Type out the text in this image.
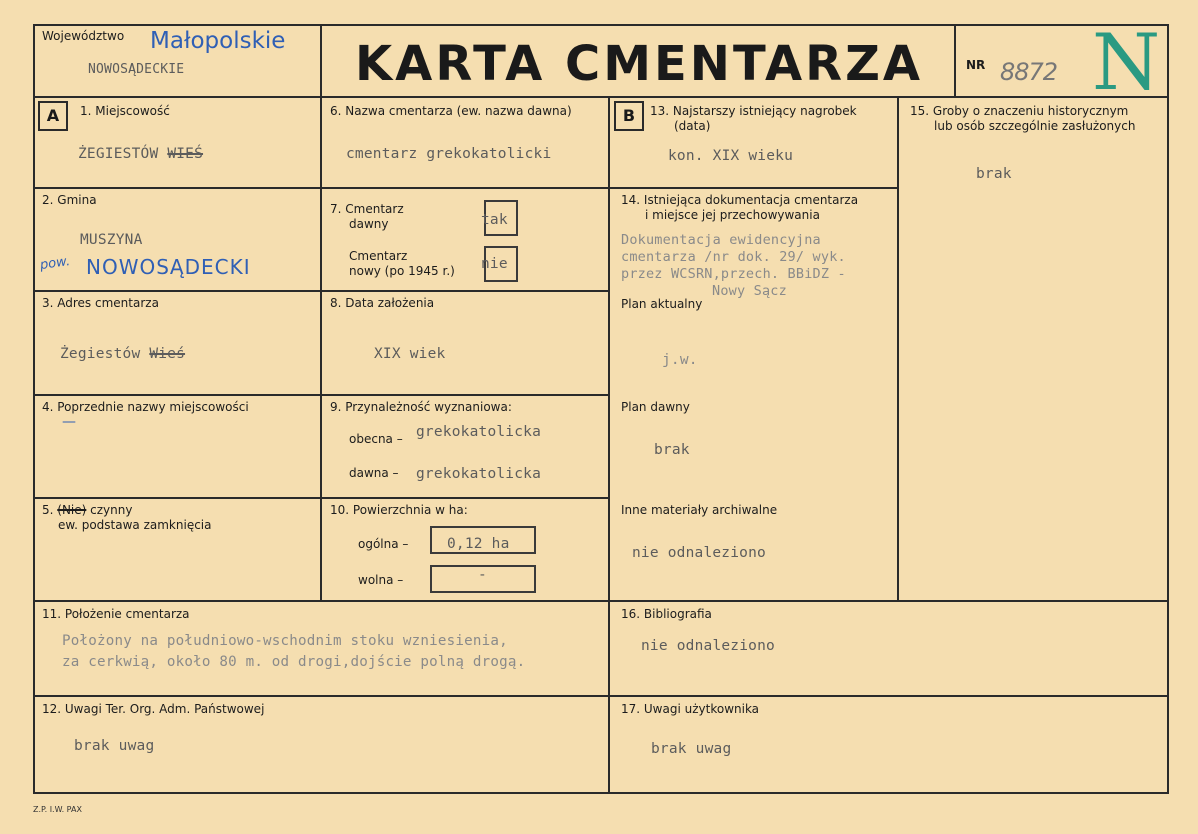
Województwo Małopolskie
NOWOSĄDECKIE	KARTA CMENTARZA	NR 8872 N
A	B
1. Miejscowość
ŻEGIESTÓW WIEŚ
2. Gmina
MUSZYNA
pow. NOWOSĄDECKI
3. Adres cmentarza
Żegiestów Wieś
4. Poprzednie nazwy miejscowości
—
5. (Nie) czynny
ew. podstawa zamknięcia
6. Nazwa cmentarza (ew. nazwa dawna)
cmentarz grekokatolicki
7. Cmentarz
dawny	tak
Cmentarz
nowy (po 1945 r.) nie
8. Data założenia
XIX wiek
9. Przynależność wyznaniowa:
obecna – grekokatolicka
dawna – grekokatolicka
10. Powierzchnia w ha:
ogólna –	0,12 ha
wolna –	-
11. Położenie cmentarza
Położony na południowo-wschodnim stoku wzniesienia,
za cerkwią, około 80 m. od drogi,dojście polną drogą.
12. Uwagi Ter. Org. Adm. Państwowej
brak uwag
13. Najstarszy istniejący nagrobek
(data)
kon. XIX wieku
14. Istniejąca dokumentacja cmentarza
i miejsce jej przechowywania
Dokumentacja ewidencyjna
cmentarza /nr dok. 29/ wyk.
przez WCSRN,przech. BBiDZ -
Nowy Sącz
Plan aktualny
j.w.
Plan dawny
brak
Inne materiały archiwalne
nie odnaleziono
15. Groby o znaczeniu historycznym
lub osób szczególnie zasłużonych
brak
16. Bibliografia
nie odnaleziono
17. Uwagi użytkownika
brak uwag
Z.P. I.W. PAX
